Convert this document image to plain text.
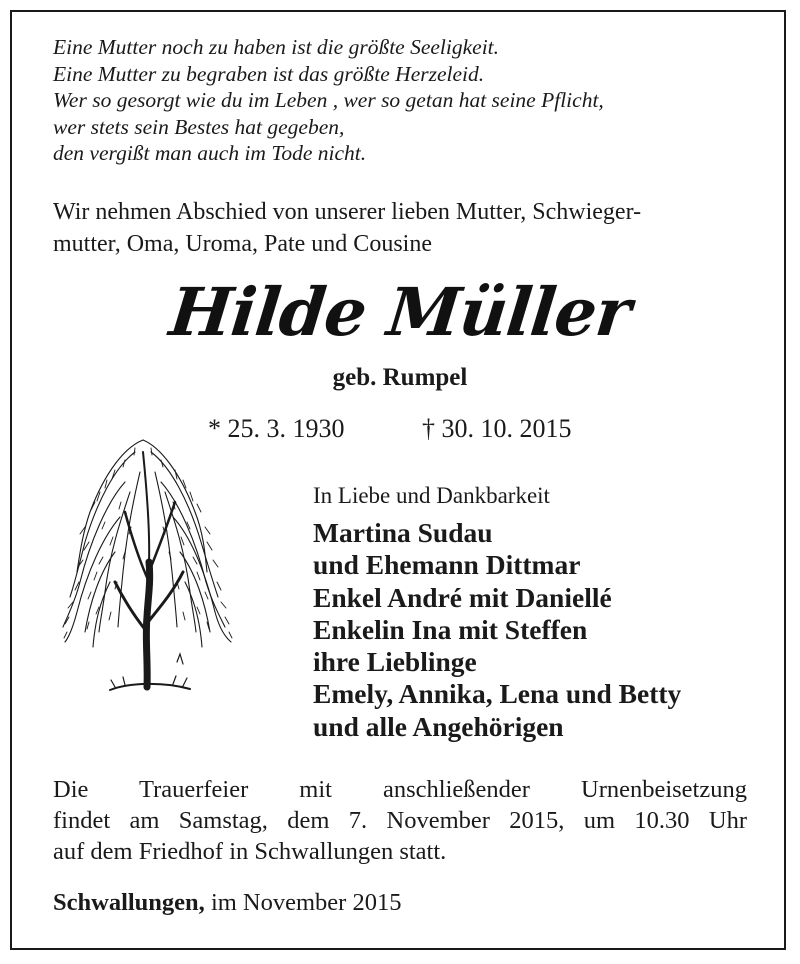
Eine Mutter noch zu haben ist die größte Seeligkeit.
Eine Mutter zu begraben ist das größte Herzeleid.
Wer so gesorgt wie du im Leben , wer so getan hat seine Pflicht,
wer stets sein Bestes hat gegeben,
den vergißt man auch im Tode nicht.
Wir nehmen Abschied von unserer lieben Mutter, Schwieger-
mutter, Oma, Uroma, Pate und Cousine
Hilde Müller
geb. Rumpel
* 25. 3. 1930	† 30. 10. 2015
In Liebe und Dankbarkeit
Martina Sudau
und Ehemann Dittmar
Enkel André mit Daniellé
Enkelin Ina mit Steffen
ihre Lieblinge
Emely, Annika, Lena und Betty
und alle Angehörigen
Die Trauerfeier mit anschließender Urnenbeisetzung
findet am Samstag, dem 7. November 2015, um 10.30 Uhr
auf dem Friedhof in Schwallungen statt.
Schwallungen, im November 2015
